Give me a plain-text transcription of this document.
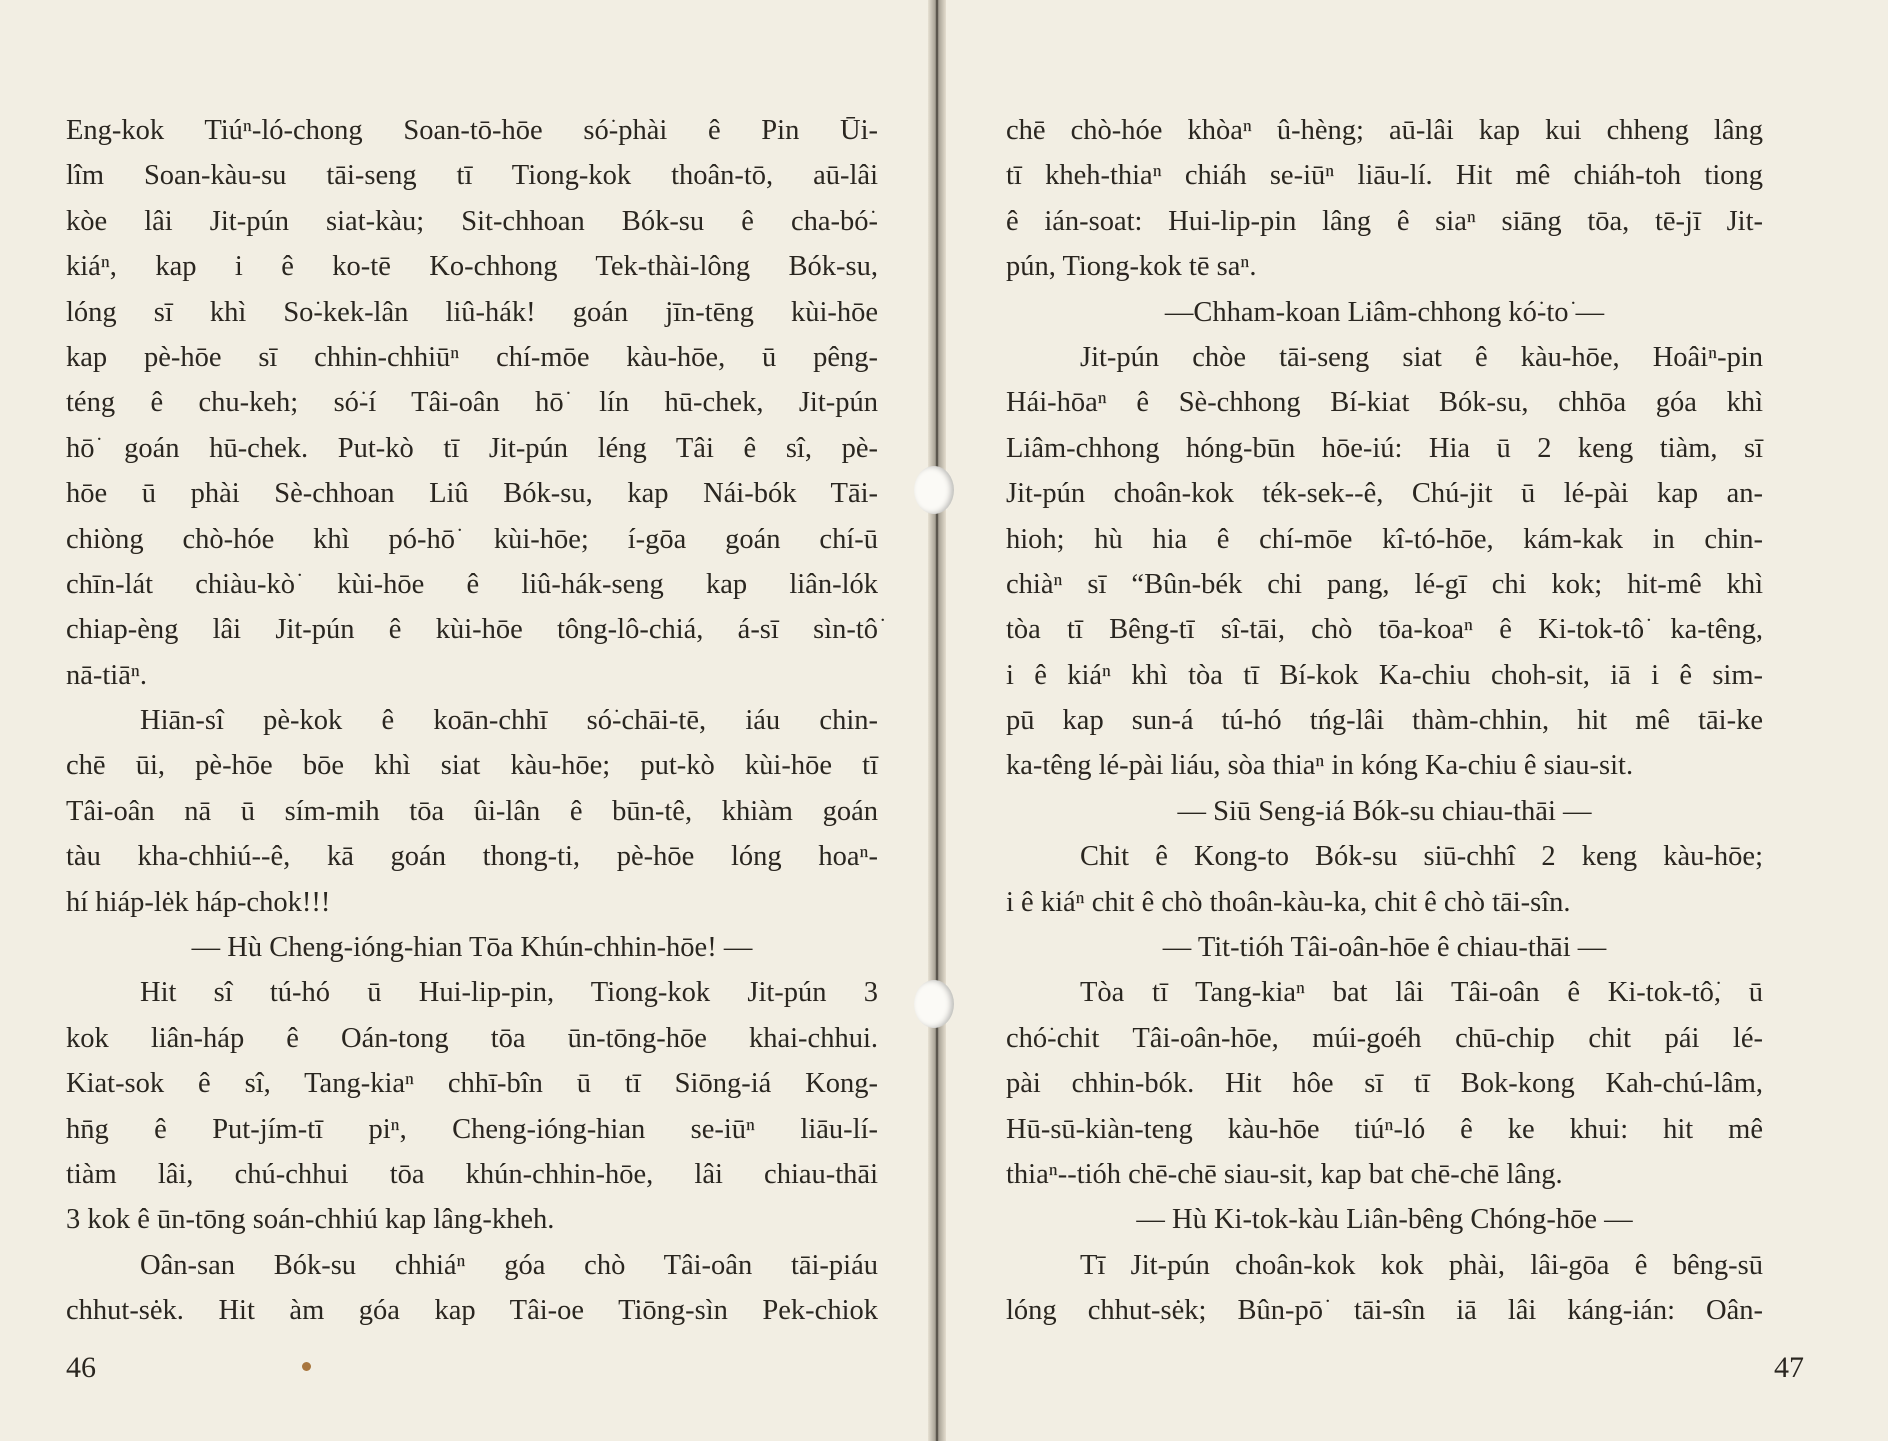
Eng-kok Tiúⁿ-ló-chong Soan-tō-hōe só͘-phài ê Pin Ūi-
lîm Soan-kàu-su tāi-seng tī Tiong-kok thoân-tō, aū-lâi
kòe lâi Jit-pún siat-kàu; Sit-chhoan Bók-su ê cha-bó͘-
kiáⁿ, kap i ê ko-tē Ko-chhong Tek-thài-lông Bók-su,
lóng sī khì So͘-kek-lân liû-hák! goán jīn-tēng kùi-hōe
kap pè-hōe sī chhin-chhiūⁿ chí-mōe kàu-hōe, ū pêng-
téng ê chu-keh; só͘-í Tâi-oân hō͘ lín hū-chek, Jit-pún
hō͘ goán hū-chek. Put-kò tī Jit-pún léng Tâi ê sî, pè-
hōe ū phài Sè-chhoan Liû Bók-su, kap Nái-bók Tāi-
chiòng chò-hóe khì pó-hō͘ kùi-hōe; í-gōa goán chí-ū
chīn-lát chiàu-kò͘ kùi-hōe ê liû-hák-seng kap liân-lók
chiap-èng lâi Jit-pún ê kùi-hōe tông-lô-chiá, á-sī sìn-tô͘
nā-tiāⁿ.
Hiān-sî pè-kok ê koān-chhī só͘-chāi-tē, iáu chin-
chē ūi, pè-hōe bōe khì siat kàu-hōe; put-kò kùi-hōe tī
Tâi-oân nā ū sím-mih tōa ûi-lân ê būn-tê, khiàm goán
tàu kha-chhiú--ê, kā goán thong-ti, pè-hōe lóng hoaⁿ-
hí hiáp-lėk háp-chok!!!
— Hù Cheng-ióng-hian Tōa Khún-chhin-hōe! —
Hit sî tú-hó ū Hui-lip-pin, Tiong-kok Jit-pún 3
kok liân-háp ê Oán-tong tōa ūn-tōng-hōe khai-chhui.
Kiat-sok ê sî, Tang-kiaⁿ chhī-bîn ū tī Siōng-iá Kong-
hn̄g ê Put-jím-tī piⁿ, Cheng-ióng-hian se-iūⁿ liāu-lí-
tiàm lâi, chú-chhui tōa khún-chhin-hōe, lâi chiau-thāi
3 kok ê ūn-tōng soán-chhiú kap lâng-kheh.
Oân-san Bók-su chhiáⁿ góa chò Tâi-oân tāi-piáu
chhut-sėk. Hit àm góa kap Tâi-oe Tiōng-sìn Pek-chiok
46
chē chò-hóe khòaⁿ û-hèng; aū-lâi kap kui chheng lâng
tī kheh-thiaⁿ chiáh se-iūⁿ liāu-lí. Hit mê chiáh-toh tiong
ê ián-soat: Hui-lip-pin lâng ê siaⁿ siāng tōa, tē-jī Jit-
pún, Tiong-kok tē saⁿ.
—Chham-koan Liâm-chhong kó͘-to͘ —
Jit-pún chòe tāi-seng siat ê kàu-hōe, Hoâiⁿ-pin
Hái-hōaⁿ ê Sè-chhong Bí-kiat Bók-su, chhōa góa khì
Liâm-chhong hóng-būn hōe-iú: Hia ū 2 keng tiàm, sī
Jit-pún choân-kok ték-sek--ê, Chú-jit ū lé-pài kap an-
hioh; hù hia ê chí-mōe kî-tó-hōe, kám-kak in chin-
chiàⁿ sī “Bûn-bék chi pang, lé-gī chi kok; hit-mê khì
tòa tī Bêng-tī sî-tāi, chò tōa-koaⁿ ê Ki-tok-tô͘ ka-têng,
i ê kiáⁿ khì tòa tī Bí-kok Ka-chiu choh-sit, iā i ê sim-
pū kap sun-á tú-hó tńg-lâi thàm-chhin, hit mê tāi-ke
ka-têng lé-pài liáu, sòa thiaⁿ in kóng Ka-chiu ê siau-sit.
— Siū Seng-iá Bók-su chiau-thāi —
Chit ê Kong-to Bók-su siū-chhî 2 keng kàu-hōe;
i ê kiáⁿ chit ê chò thoân-kàu-ka, chit ê chò tāi-sîn.
— Tit-tióh Tâi-oân-hōe ê chiau-thāi —
Tòa tī Tang-kiaⁿ bat lâi Tâi-oân ê Ki-tok-tô͘, ū
chó͘-chit Tâi-oân-hōe, múi-goéh chū-chip chit pái lé-
pài chhin-bók. Hit hôe sī tī Bok-kong Kah-chú-lâm,
Hū-sū-kiàn-teng kàu-hōe tiúⁿ-ló ê ke khui: hit mê
thiaⁿ--tióh chē-chē siau-sit, kap bat chē-chē lâng.
— Hù Ki-tok-kàu Liân-bêng Chóng-hōe —
Tī Jit-pún choân-kok kok phài, lâi-gōa ê bêng-sū
lóng chhut-sėk; Bûn-pō͘ tāi-sîn iā lâi káng-ián: Oân-
47
